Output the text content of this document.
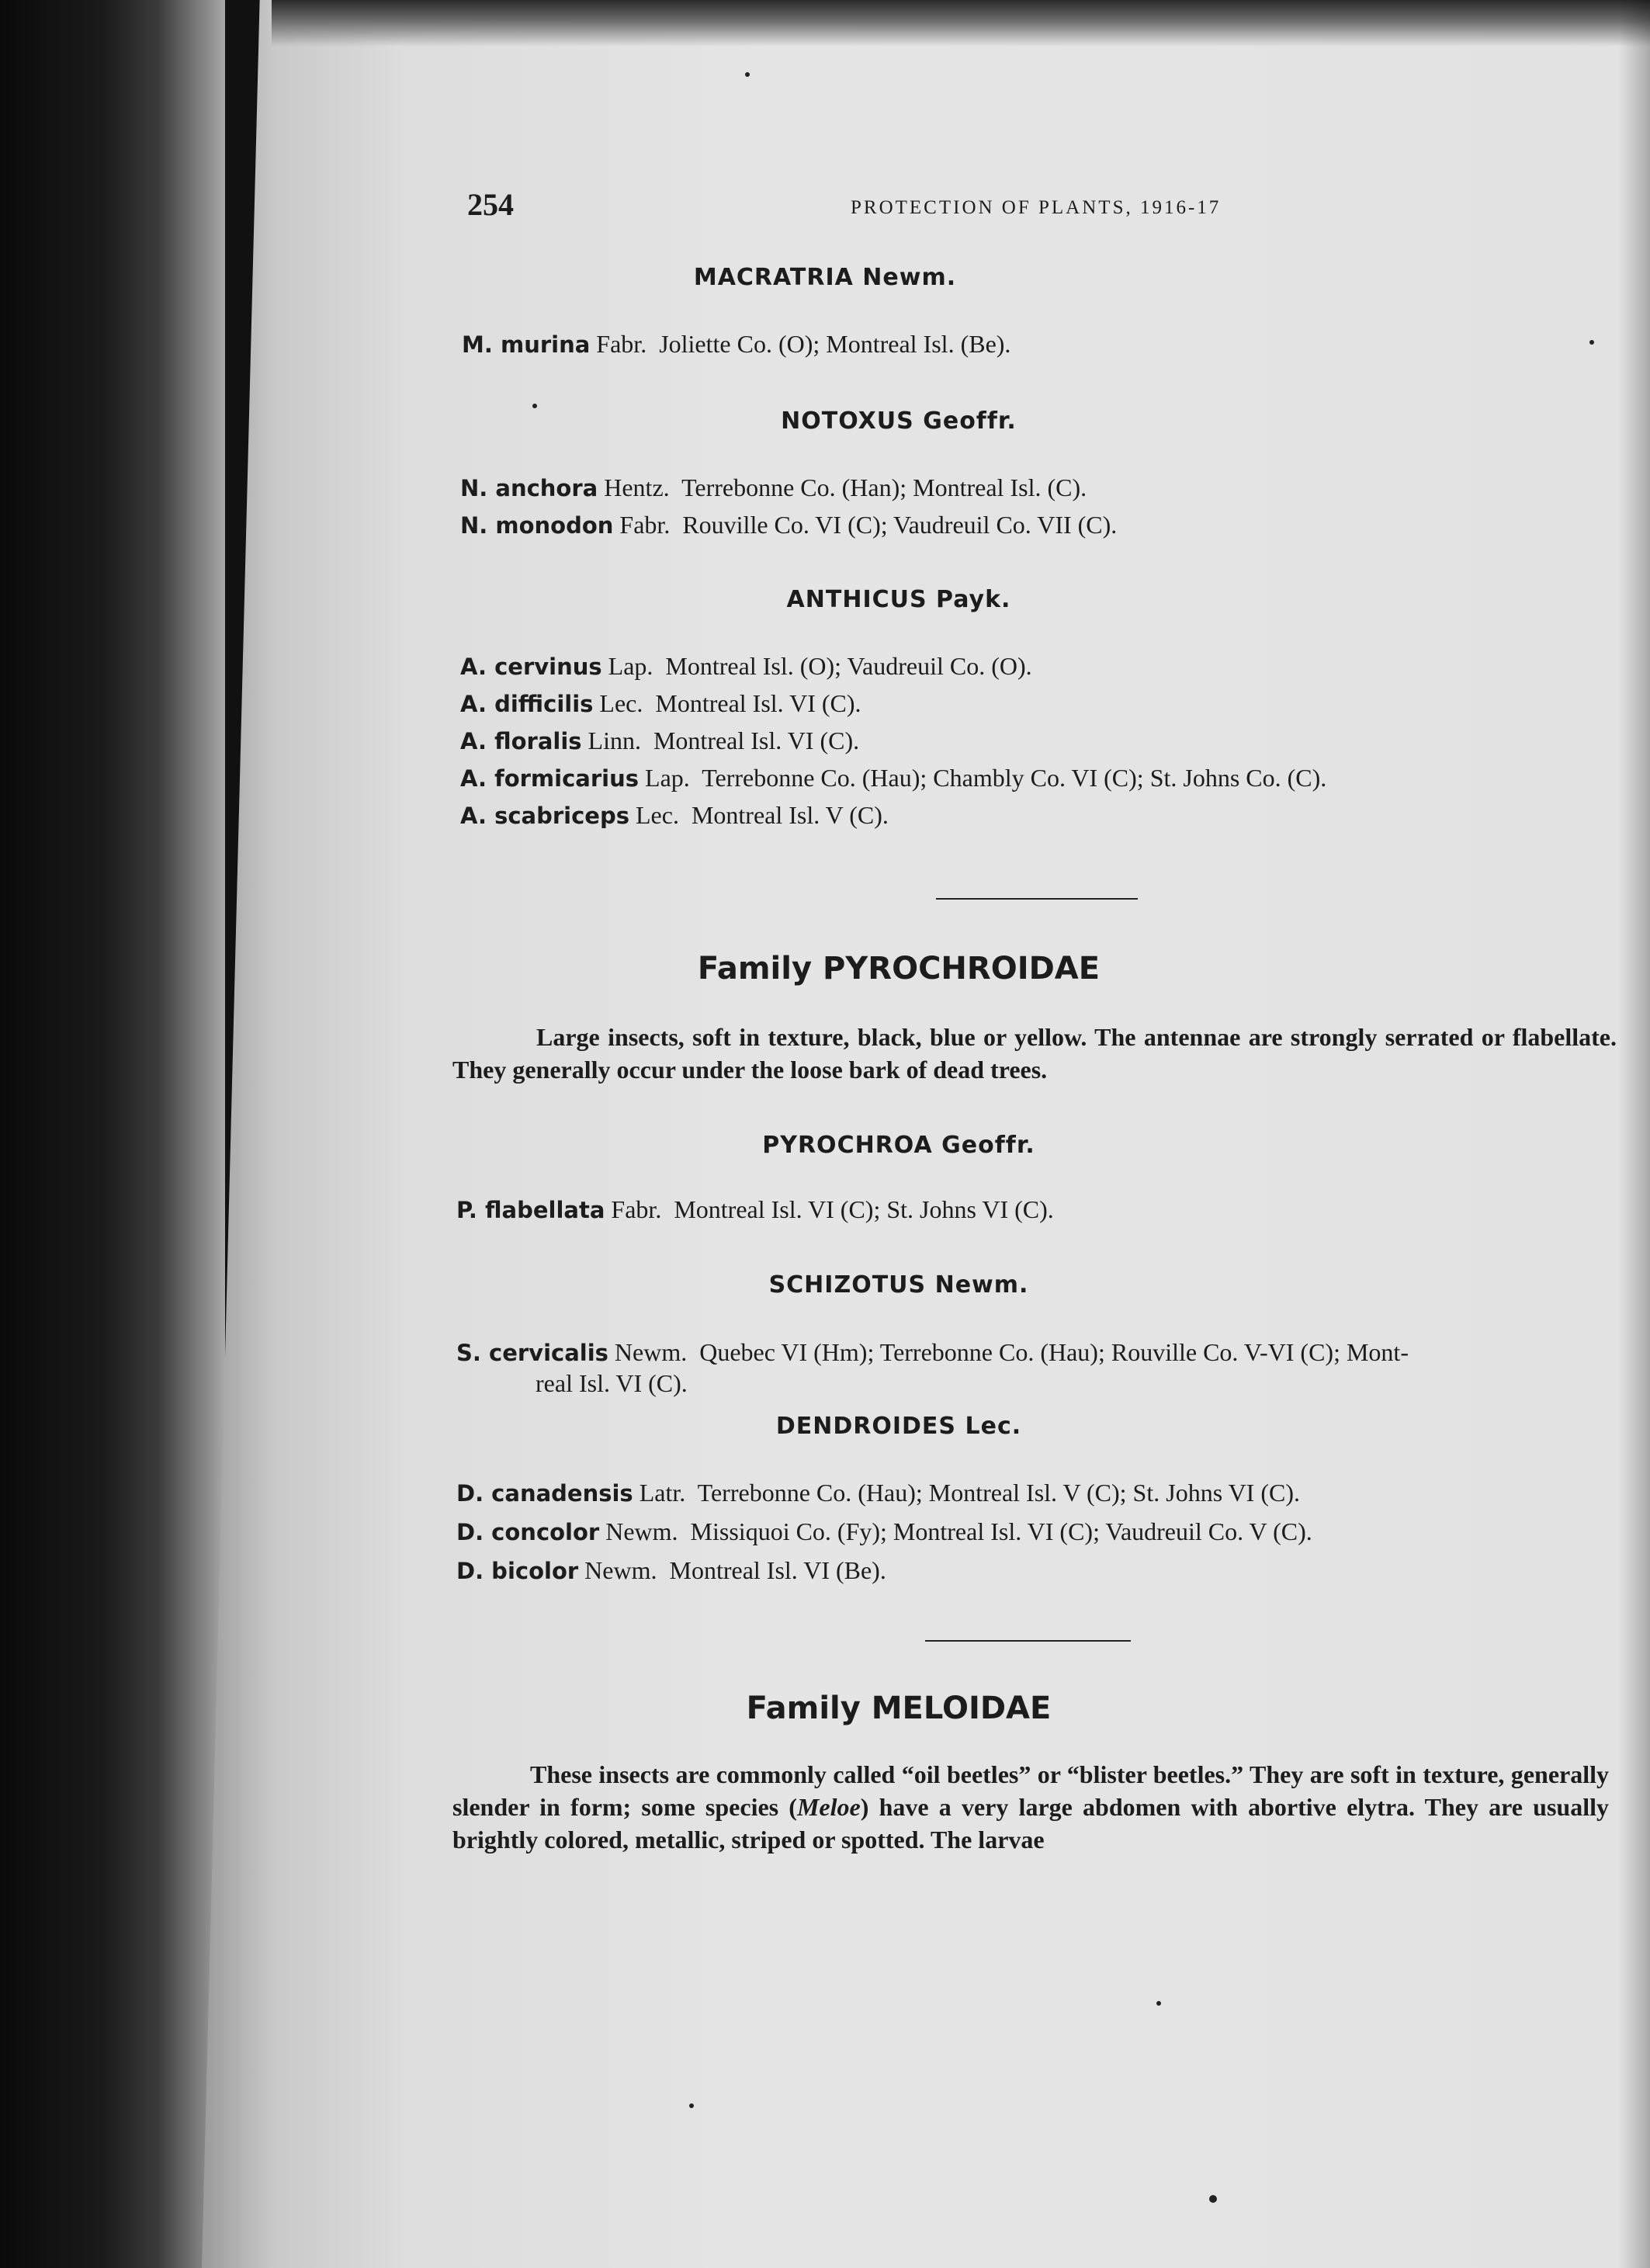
254	PROTECTION OF PLANTS, 1916-17
MACRATRIA Newm.
M. murina Fabr. Joliette Co. (O); Montreal Isl. (Be).
NOTOXUS Geoffr.
N. anchora Hentz. Terrebonne Co. (Han); Montreal Isl. (C).
N. monodon Fabr. Rouville Co. VI (C); Vaudreuil Co. VII (C).
ANTHICUS Payk.
A. cervinus Lap. Montreal Isl. (O); Vaudreuil Co. (O).
A. difficilis Lec. Montreal Isl. VI (C).
A. floralis Linn. Montreal Isl. VI (C).
A. formicarius Lap. Terrebonne Co. (Hau); Chambly Co. VI (C); St. Johns Co. (C).
A. scabriceps Lec. Montreal Isl. V (C).
Family PYROCHROIDAE
Large insects, soft in texture, black, blue or yellow. The antennae are strongly serrated or flabellate. They generally occur under the loose bark of dead trees.
PYROCHROA Geoffr.
P. flabellata Fabr. Montreal Isl. VI (C); St. Johns VI (C).
SCHIZOTUS Newm.
S. cervicalis Newm. Quebec VI (Hm); Terrebonne Co. (Hau); Rouville Co. V-VI (C); Mont-
real Isl. VI (C).
DENDROIDES Lec.
D. canadensis Latr. Terrebonne Co. (Hau); Montreal Isl. V (C); St. Johns VI (C).
D. concolor Newm. Missiquoi Co. (Fy); Montreal Isl. VI (C); Vaudreuil Co. V (C).
D. bicolor Newm. Montreal Isl. VI (Be).
Family MELOIDAE
These insects are commonly called “oil beetles” or “blister beetles.” They are soft in texture, generally slender in form; some species (Meloe) have a very large abdomen with abortive elytra. They are usually brightly colored, metallic, striped or spotted. The larvae
